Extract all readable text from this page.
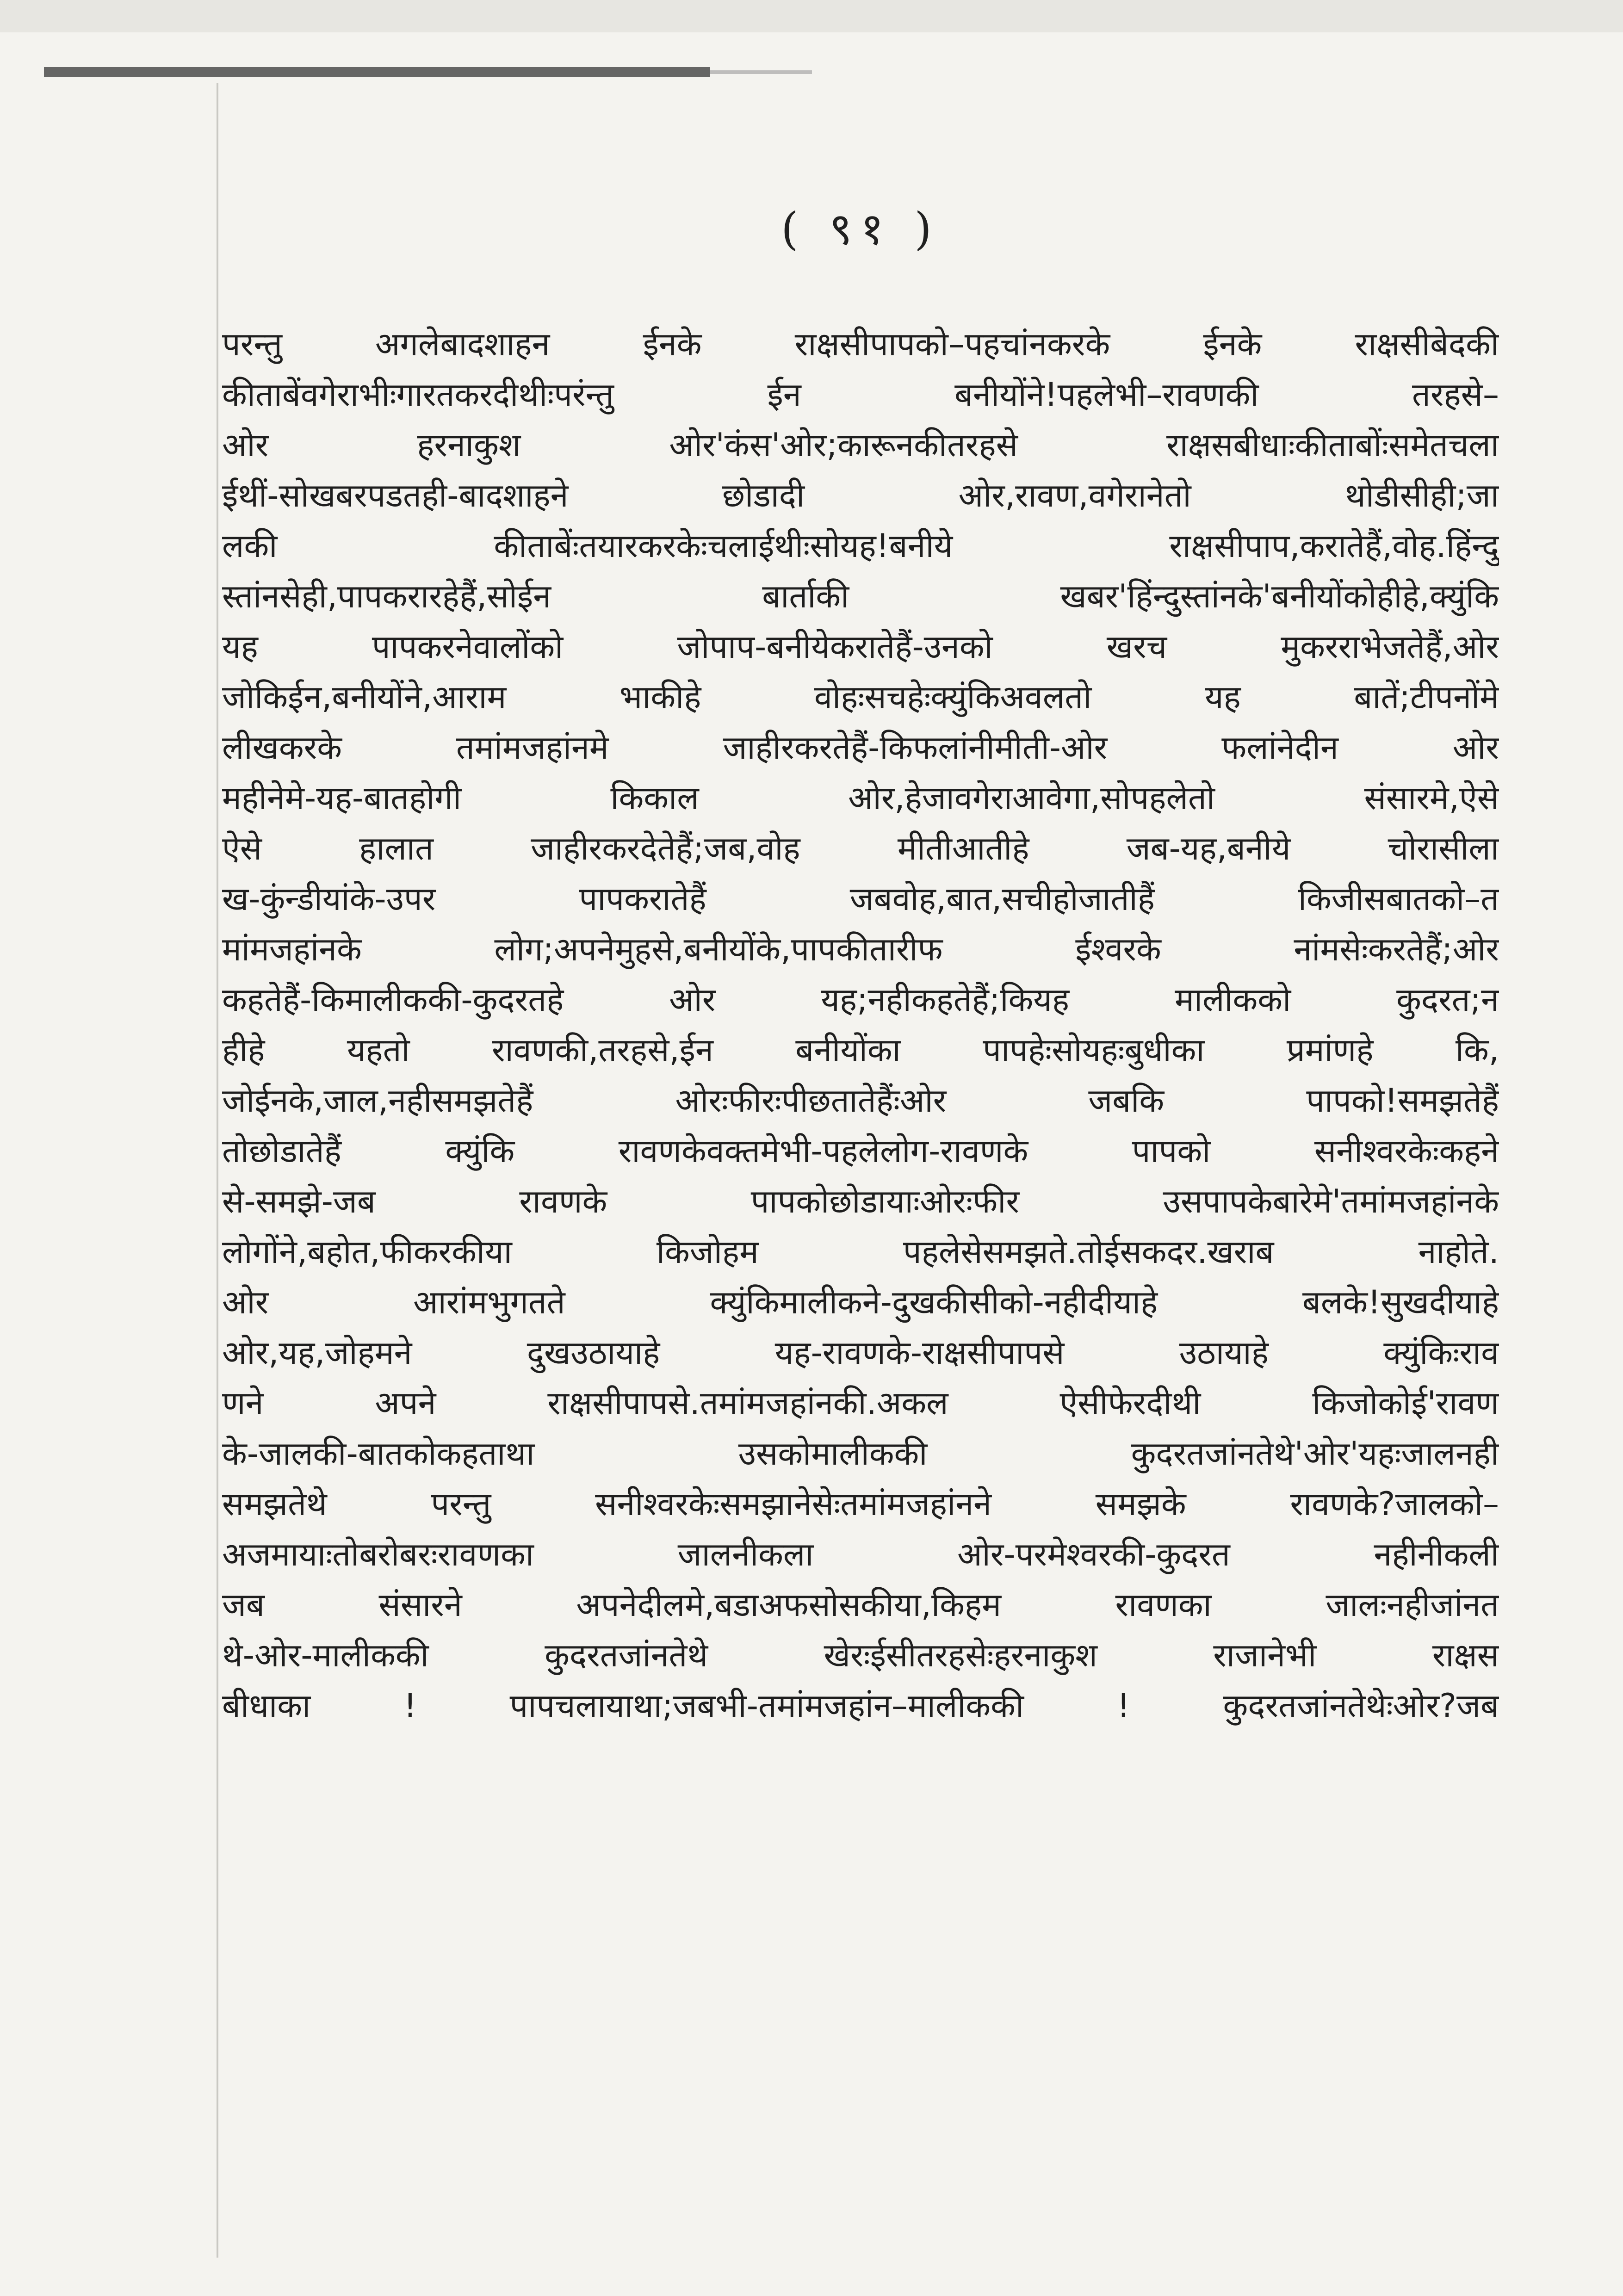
( ९१ )
परन्तु अगलेबादशाहन ईनके राक्षसीपापको–पहचांनकरके ईनके राक्षसीबेदकी
कीताबेंवगेराभीःगारतकरदीथीःपरंन्तु ईन बनीयोंने!पहलेभी–रावणकी तरहसे–
ओर हरनाकुश ओर'कंस'ओर;कारूनकीतरहसे राक्षसबीधाःकीताबोंःसमेतचला
ईथीं-सोखबरपडतही-बादशाहने छोडादी ओर,रावण,वगेरानेतो थोडीसीही;जा
लकी कीताबेंःतयारकरकेःचलाईथीःसोयह!बनीये राक्षसीपाप,करातेहैं,वोह.हिंन्दु
स्तांनसेही,पापकरारहेहैं,सोईन बार्ताकी खबर'हिंन्दुस्तांनके'बनीयोंकोहीहे,क्युंकि
यह पापकरनेवालोंको जोपाप-बनीयेकरातेहैं-उनको खरच मुकरराभेजतेहैं,ओर
जोकिईन,बनीयोंने,आराम भाकीहे वोहःसचहेःक्युंकिअवलतो यह बातें;टीपनोंमे
लीखकरके तमांमजहांनमे जाहीरकरतेहैं-किफलांनीमीती-ओर फलांनेदीन ओर
महीनेमे-यह-बातहोगी किकाल ओर,हेजावगेराआवेगा,सोपहलेतो संसारमे,ऐसे
ऐसे हालात जाहीरकरदेतेहैं;जब,वोह मीतीआतीहे जब-यह,बनीये चोरासीला
ख-कुंन्डीयांके-उपर पापकरातेहैं जबवोह,बात,सचीहोजातीहैं किजीसबातको–त
मांमजहांनके लोग;अपनेमुहसे,बनीयोंके,पापकीतारीफ ईश्वरके नांमसेःकरतेहैं;ओर
कहतेहैं-किमालीककी-कुदरतहे ओर यह;नहीकहतेहैं;कियह मालीकको कुदरत;न
हीहे यहतो रावणकी,तरहसे,ईन बनीयोंका पापहेःसोयहःबुधीका प्रमांणहे कि,
जोईनके,जाल,नहीसमझतेहैं ओरःफीरःपीछतातेहैंःओर जबकि पापको!समझतेहैं
तोछोडातेहैं क्युंकि रावणकेवक्तमेभी-पहलेलोग-रावणके पापको सनीश्वरकेःकहने
से-समझे-जब रावणके पापकोछोडायाःओरःफीर उसपापकेबारेमे'तमांमजहांनके
लोगोंने,बहोत,फीकरकीया किजोहम पहलेसेसमझते.तोईसकदर.खराब नाहोते.
ओर आरांमभुगतते क्युंकिमालीकने-दुखकीसीको-नहीदीयाहे बलके!सुखदीयाहे
ओर,यह,जोहमने दुखउठायाहे यह-रावणके-राक्षसीपापसे उठायाहे क्युंकिःराव
णने अपने राक्षसीपापसे.तमांमजहांनकी.अकल ऐसीफेरदीथी किजोकोई'रावण
के-जालकी-बातकोकहताथा उसकोमालीककी कुदरतजांनतेथे'ओर'यहःजालनही
समझतेथे परन्तु सनीश्वरकेःसमझानेसेःतमांमजहांनने समझके रावणके?जालको–
अजमायाःतोबरोबरःरावणका जालनीकला ओर-परमेश्वरकी-कुदरत नहीनीकली
जब संसारने अपनेदीलमे,बडाअफसोसकीया,किहम रावणका जालःनहीजांनत
थे-ओर-मालीककी कुदरतजांनतेथे खेरःईसीतरहसेःहरनाकुश राजानेभी राक्षस
बीधाका ! पापचलायाथा;जबभी-तमांमजहांन–मालीककी ! कुदरतजांनतेथेःओर?जब
